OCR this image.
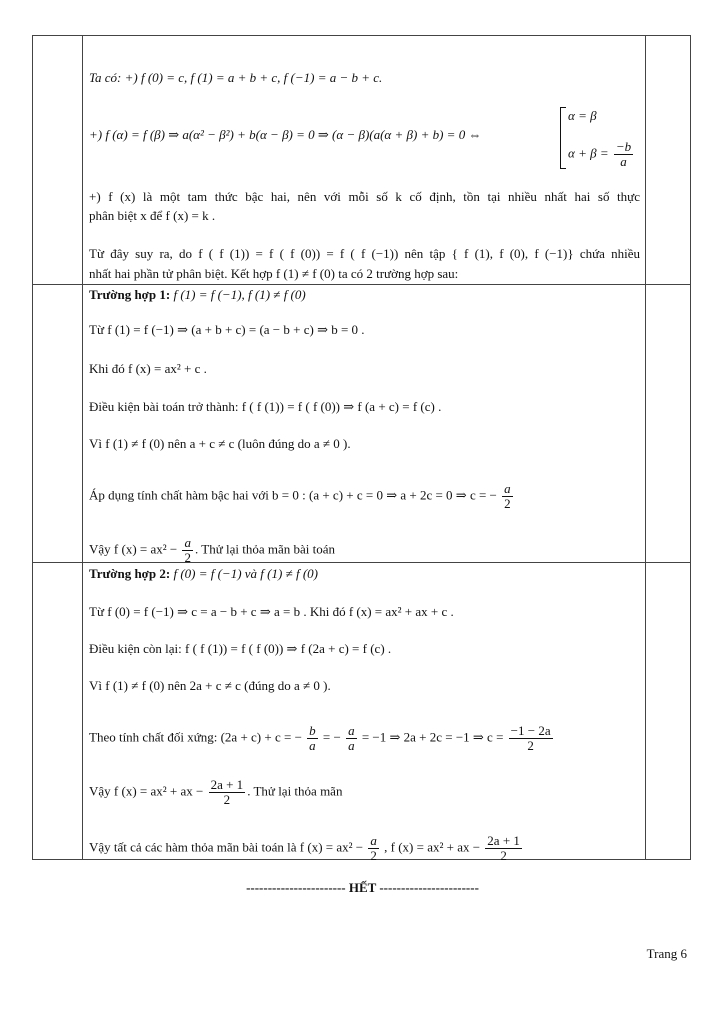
Ta có: +) f (0) = c, f (1) = a + b + c, f (−1) = a − b + c.
+) f (α) = f (β) ⇒ a(α² − β²) + b(α − β) = 0 ⇒ (α − β)(a(α + β) + b) = 0 ⇔
α = β
$\alpha + \beta = \frac{-b}{a}$
+) f (x) là một tam thức bậc hai, nên với mỗi số k cố định, tồn tại nhiều nhất hai số thực
phân biệt x để f (x) = k .
Từ đây suy ra, do f ( f (1)) = f ( f (0)) = f ( f (−1)) nên tập { f (1), f (0), f (−1)} chứa nhiều
nhất hai phần tử phân biệt. Kết hợp f (1) ≠ f (0) ta có 2 trường hợp sau:
Trường hợp 1: f (1) = f (−1), f (1) ≠ f (0)
Từ f (1) = f (−1) ⇒ (a + b + c) = (a − b + c) ⇒ b = 0 .
Khi đó f (x) = ax² + c .
Điều kiện bài toán trở thành: f ( f (1)) = f ( f (0)) ⇒ f (a + c) = f (c) .
Vì f (1) ≠ f (0) nên a + c ≠ c (luôn đúng do a ≠ 0 ).
Áp dụng tính chất hàm bậc hai với b = 0 : (a + c) + c = 0 ⇒ a + 2c = 0 ⇒ c = − $\frac{a}{2}$
Vậy f $(x) = ax^2 - \frac{a}{2}$ . Thử lại thỏa mãn bài toán
Trường hợp 2: f (0) = f (−1) và f (1) ≠ f (0)
Từ f (0) = f (−1) ⇒ c = a − b + c ⇒ a = b . Khi đó f (x) = ax² + ax + c .
Điều kiện còn lại: f ( f (1)) = f ( f (0)) ⇒ f (2a + c) = f (c) .
Vì f (1) ≠ f (0) nên 2a + c ≠ c (đúng do a ≠ 0 ).
Theo tính chất đối xứng: (2a + c) + c = − $\frac{b}{a}$ = − $\frac{a}{a} = -1$ ⇒ 2a + 2c = −1 ⇒ $c = \frac{-1 - 2a}{2}$
Vậy f (x) = ax² + ax − $\frac{2a + 1}{2}$ . Thử lại thỏa mãn
Vậy tất cả các hàm thỏa mãn bài toán là f $(x) = ax^2 - \frac{a}{2}$ , f (x) = ax² + ax − $\frac{2a + 1}{2}$
----------------------- HẾT -----------------------
Trang 6
